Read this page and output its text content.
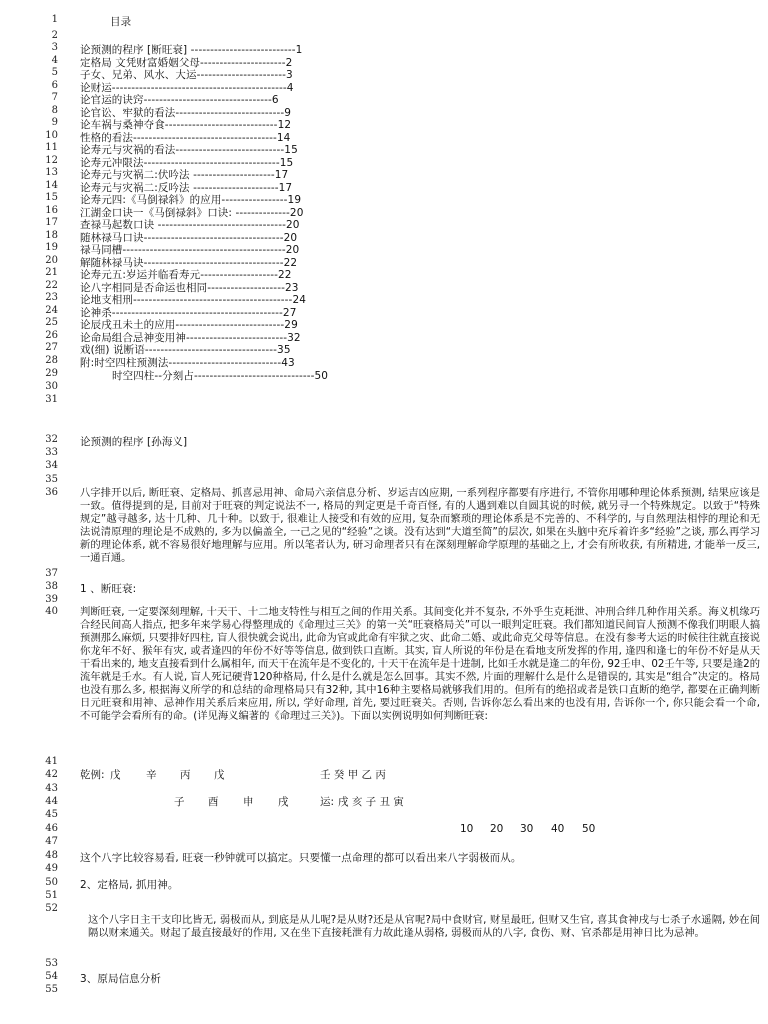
1
2
3
4
5
6
7
8
9
10
11
12
13
14
15
16
17
18
19
20
21
22
23
24
25
26
27
28
29
30
31
32
33
34
35
36
37
38
39
40
41
42
43
44
45
46
47
48
49
50
51
52
53
54
55
目录
论预测的程序 [断旺衰] ---------------------------1
定格局 文凭财富婚姻父母----------------------2
子女、兄弟、风水、大运-----------------------3
论财运---------------------------------------------4
论官运的诀窍---------------------------------6
论官讼、牢狱的看法----------------------------9
论车祸与桑神夺食-----------------------------12
性格的看法-------------------------------------14
论寿元与灾祸的看法----------------------------15
论寿元冲限法-----------------------------------15
论寿元与灾祸二:伏吟法 ---------------------17
论寿元与灾祸二:反吟法 ----------------------17
论寿元四:《马倒禄斜》的应用-----------------19
江湖金口诀一《马倒禄斜》口诀: --------------20
查禄马起数口诀 ---------------------------------20
随林禄马口诀------------------------------------20
禄马同槽------------------------------------------20
解随林禄马诀------------------------------------22
论寿元五:岁运并临看寿元--------------------22
论八字相同是否命运也相同--------------------23
论地支相刑-----------------------------------------24
论神杀--------------------------------------------27
论辰戌丑未土的应用----------------------------29
论命局组合忌神变用神--------------------------32
戏(细) 说断语----------------------------------35
附:时空四柱预测法-----------------------------43
时空四柱--分刻占-------------------------------50
论预测的程序 [孙海义]
八字排开以后, 断旺衰、定格局、抓喜忌用神、命局六亲信息分析、岁运吉凶应期, 一系列程序都要有序进行, 不管你用哪种理论体系预测, 结果应该是一致。值得提到的是, 目前对于旺衰的判定说法不一, 格局的判定更是千奇百怪, 有的人遇到难以自圆其说的时候, 就另寻一个特殊规定。以致于“特殊规定”越寻越多, 达十几种、几十种。以致于, 很难让人接受和有效的应用, 复杂而繁琐的理论体系是不完善的、不科学的, 与自然理法相悖的理论和无法说清原理的理论是不成熟的, 多为以偏盖全, 一己之见的“经验”之谈。没有达到“大道至简”的层次, 如果在头脑中充斥着许多“经验”之谈, 那么再学习新的理论体系, 就不容易很好地理解与应用。所以笔者认为, 研习命理者只有在深刻理解命学原理的基础之上, 才会有所收获, 有所精进, 才能举一反三, 一通百通。
1 、断旺衰:
判断旺衰, 一定要深刻理解, 十天干、十二地支特性与相互之间的作用关系。其间变化并不复杂, 不外乎生克耗泄、冲刑合绊几种作用关系。海义机缘巧合经民间高人指点, 把多年来学易心得整理成的《命理过三关》的第一关“旺衰格局关”可以一眼判定旺衰。我们都知道民间盲人预测不像我们明眼人搞预测那么麻烦, 只要排好四柱, 盲人很快就会说出, 此命为官或此命有牢狱之灾、此命二婚、或此命克父母等信息。在没有参考大运的时候往往就直接说你龙年不好、猴年有灾, 或者逢四的年份不好等等信息, 做到铁口直断。其实, 盲人所说的年份是在看地支所发挥的作用, 逢四和逢七的年份不好是从天干看出来的, 地支直接看到什么属相年, 而天干在流年是不变化的, 十天干在流年是十进制, 比如壬水就是逢二的年份, 92壬申、02壬午等, 只要是逢2的流年就是壬水。有人说, 盲人死记硬背120种格局, 什么是什么就是怎么回事。其实不然, 片面的理解什么是什么是错误的, 其实是“组合”决定的。格局也没有那么多, 根据海义所学的和总结的命理格局只有32种, 其中16种主要格局就够我们用的。但所有的绝招或者是铁口直断的绝学, 都要在正确判断日元旺衰和用神、忌神作用关系后来应用, 所以, 学好命理, 首先, 要过旺衰关。否则, 告诉你怎么看出来的也没有用, 告诉你一个, 你只能会看一个命, 不可能学会看所有的命。(详见海义编著的《命理过三关》)。下面以实例说明如何判断旺衰:
乾例: 戊 辛 丙 戊	壬 癸 甲 乙 丙
子 酉 申 戌	运: 戌 亥 子 丑 寅
10 20 30 40 50
这个八字比较容易看, 旺衰一秒钟就可以搞定。只要懂一点命理的都可以看出来八字弱极而从。
2、定格局, 抓用神。
这个八字日主干支印比皆无, 弱极而从, 到底是从儿呢?是从财?还是从官呢?局中食财官, 财星最旺, 但财又生官, 喜其食神戌与七杀子水遥隔, 妙在间隔以财来通关。财起了最直接最好的作用, 又在坐下直接耗泄有力故此逢从弱格, 弱极而从的八字, 食伤、财、官杀都是用神日比为忌神。
3、原局信息分析
